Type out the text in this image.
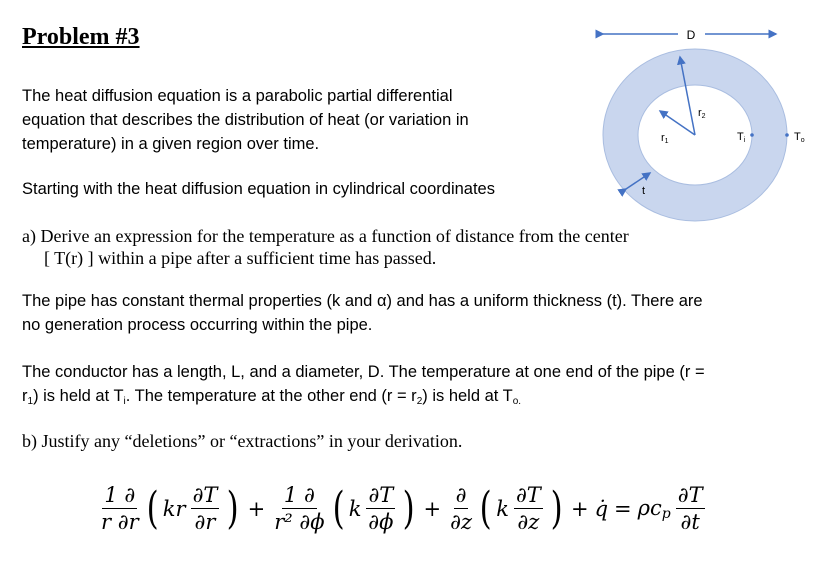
Problem #3
The heat diffusion equation is a parabolic partial differential
equation that describes the distribution of heat (or variation in
temperature) in a given region over time.
Starting with the heat diffusion equation in cylindrical coordinates
a) Derive an expression for the temperature as a function of distance from the center
[ T(r) ] within a pipe after a sufficient time has passed.
The pipe has constant thermal properties (k and α) and has a uniform thickness (t). There are
no generation process occurring within the pipe.
The conductor has a length, L, and a diameter, D. The temperature at one end of the pipe (r =
$r_1$) is held at $T_i$. The temperature at the other end $(r = r_2)$ is held at $T_{o.}$
b) Justify any “deletions” or “extractions” in your derivation.
D
r2
r1	Ti	To
t
$\frac{1 \partial}{r \partial r}$ ( kr $\frac{\partial T}{\partial r}$ ) + $\frac{1 \partial}{\text{r² ∂ϕ}}$ ( k $\frac{\partial T}{\partial\phi}$ ) + $\frac{\partial}{\partial z}$ ( k $\frac{\partial T}{\partial z}$ ) + q̇ = $\rho c_p \frac{\partial T}{\partial t}$
